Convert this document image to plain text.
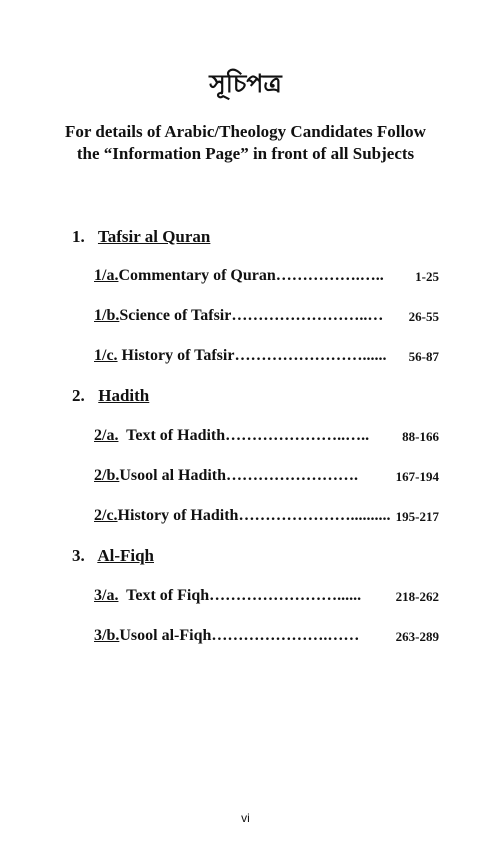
সূচিপত্র
For details of Arabic/Theology Candidates Follow
the “Information Page” in front of all Subjects
1. Tafsir al Quran
1/a.Commentary of Quran…………….….. 1-25
1/b.Science of Tafsir……………………..… 26-55
1/c. History of Tafsir……………………...... 56-87
2. Hadith
2/a.  Text of Hadith…………………..…..	88-166
2/b.Usool al Hadith…………………….	167-194
2/c.History of Hadith………………….......... 195-217
3. Al-Fiqh
3/a.  Text of Fiqh……………………......	218-262
3/b.Usool al-Fiqh………………….……	263-289
vi
